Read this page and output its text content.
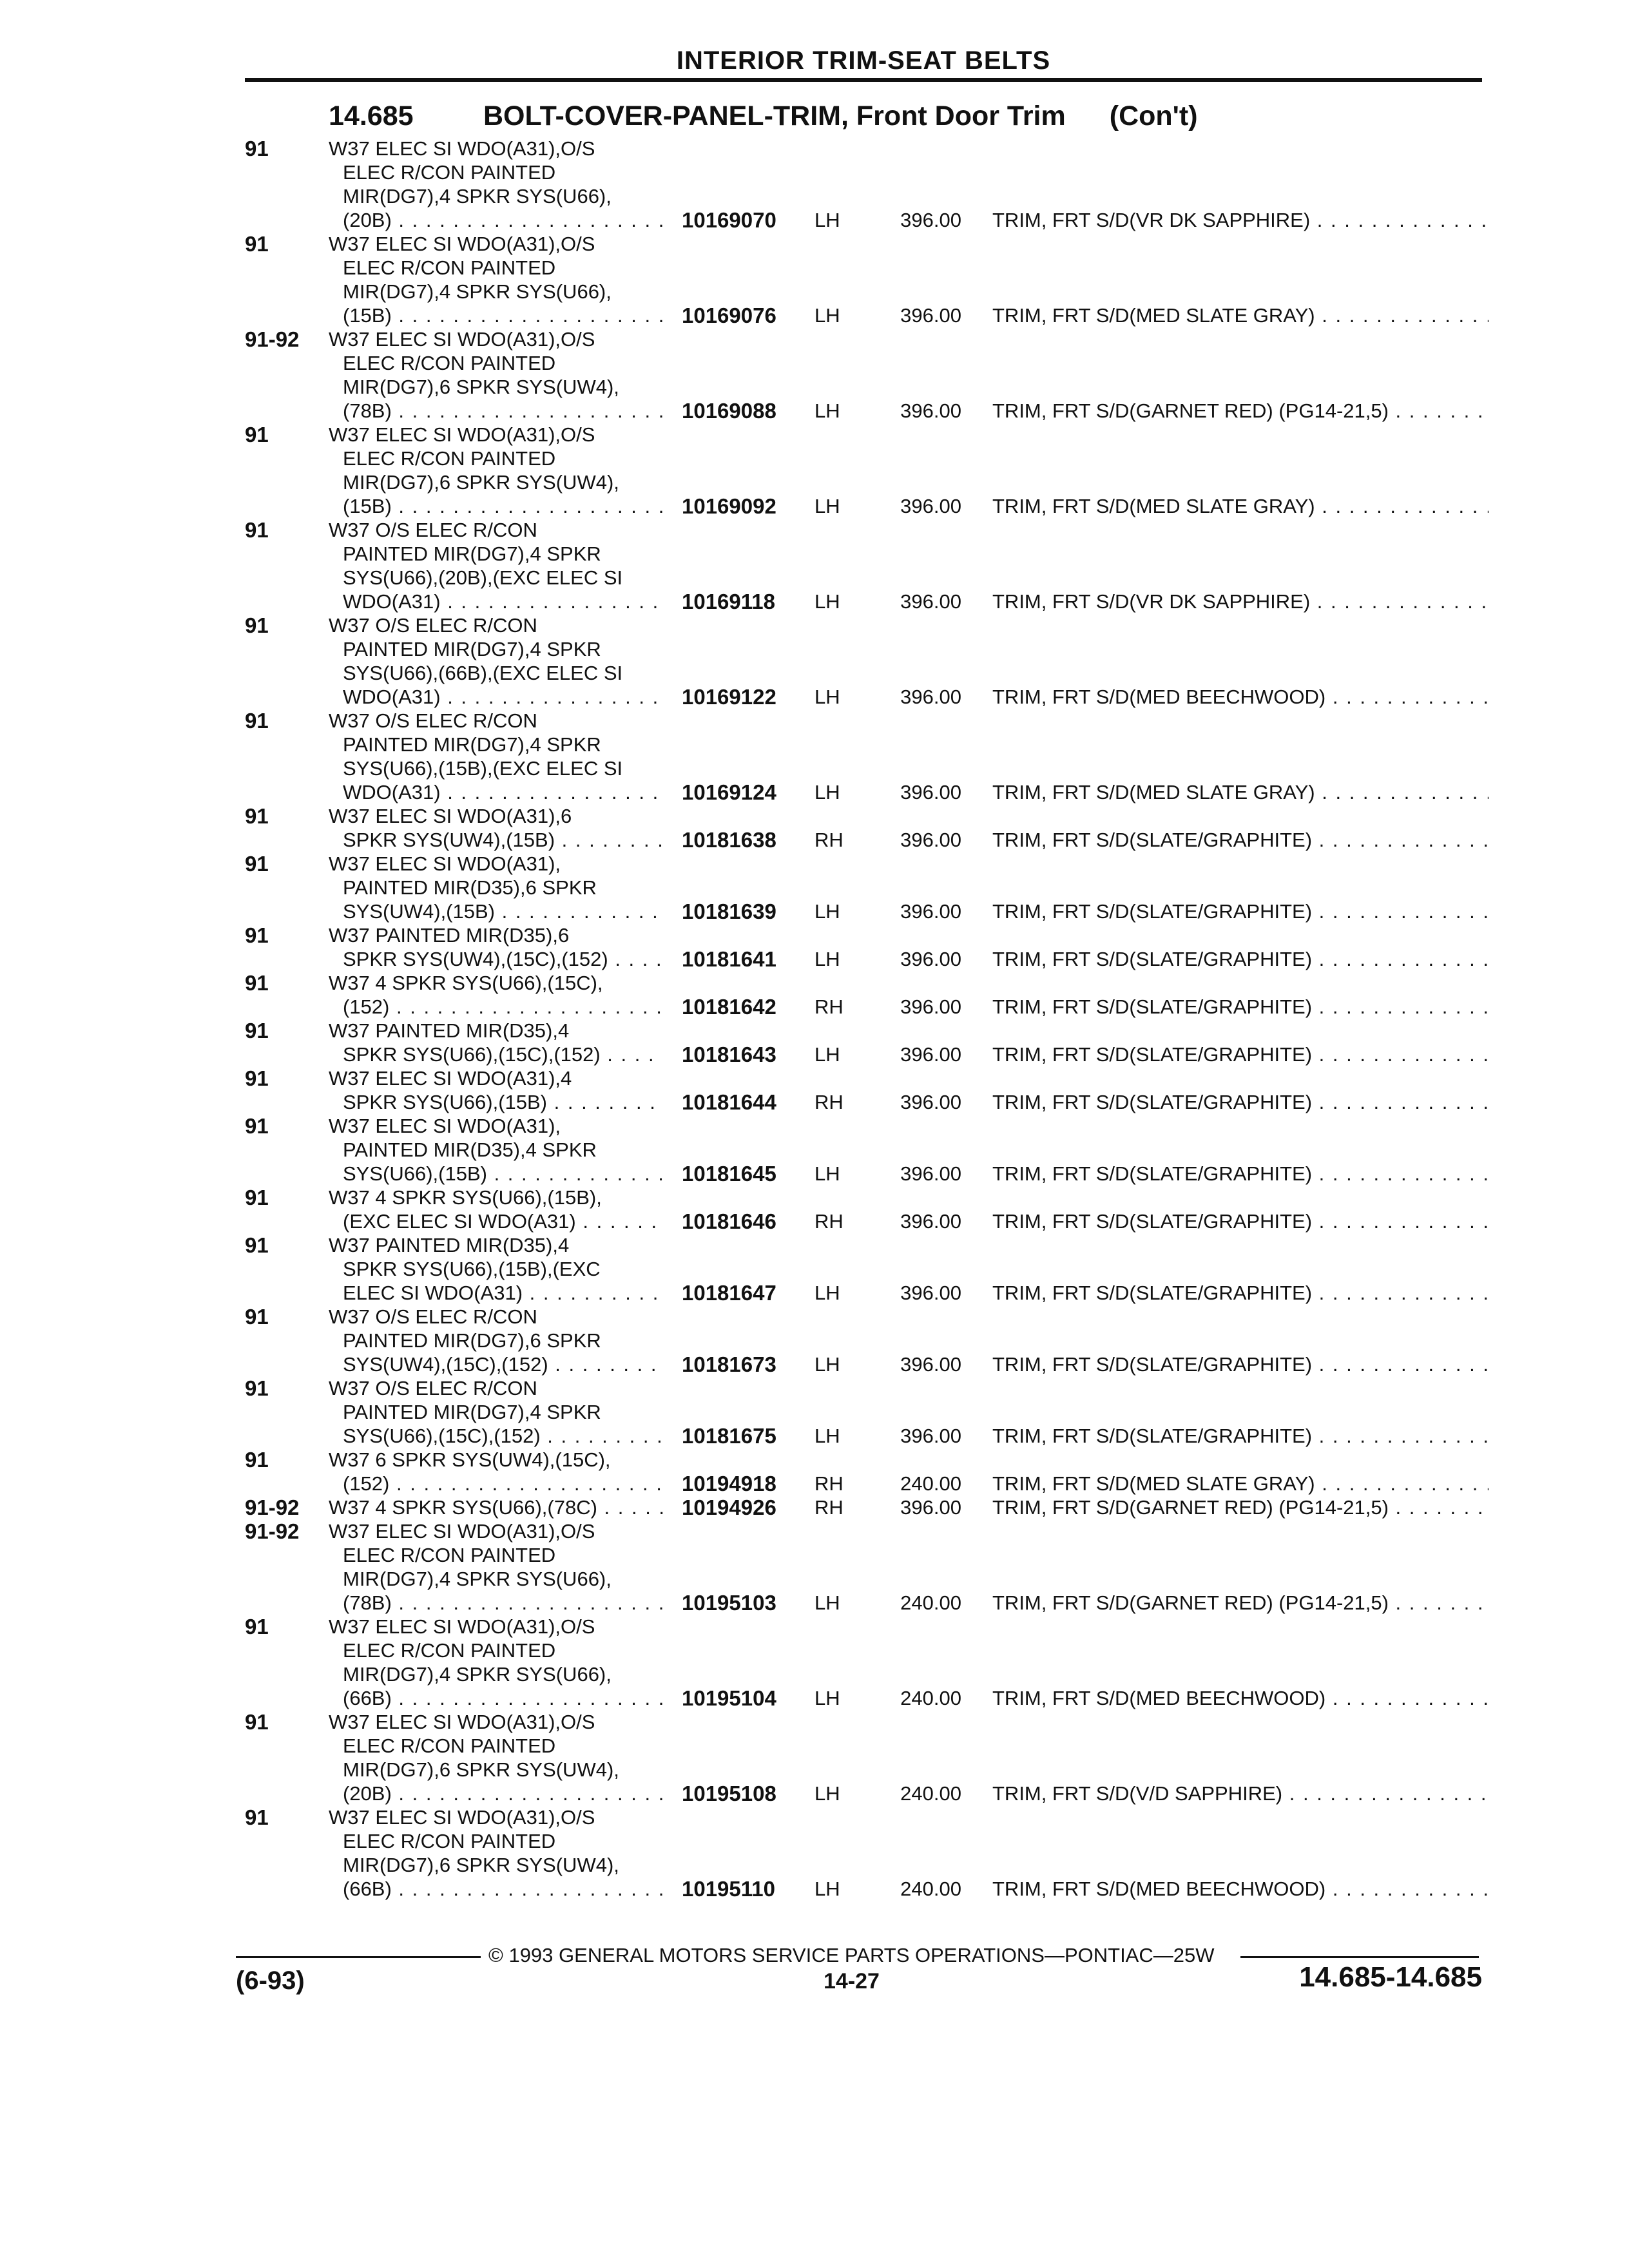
INTERIOR TRIM-SEAT BELTS
14.685	BOLT-COVER-PANEL-TRIM, Front Door Trim (Con't)
91	W37 ELEC SI WDO(A31),O/S
ELEC R/CON PAINTED
MIR(DG7),4 SPKR SYS(U66),
(20B) . . .	10169070	LH	396.00 TRIM, FRT S/D(VR DK SAPPHIRE) . . .
91	W37 ELEC SI WDO(A31),O/S
ELEC R/CON PAINTED
MIR(DG7),4 SPKR SYS(U66),
(15B) . . .	10169076	LH	396.00 TRIM, FRT S/D(MED SLATE GRAY) . . .
91-92 W37 ELEC SI WDO(A31),O/S
ELEC R/CON PAINTED
MIR(DG7),6 SPKR SYS(UW4),
(78B) . . .	10169088	LH	396.00 TRIM, FRT S/D(GARNET RED) (PG14-21,5) . . .
91	W37 ELEC SI WDO(A31),O/S
ELEC R/CON PAINTED
MIR(DG7),6 SPKR SYS(UW4),
(15B) . . .	10169092	LH	396.00 TRIM, FRT S/D(MED SLATE GRAY) . . .
91	W37 O/S ELEC R/CON
PAINTED MIR(DG7),4 SPKR
SYS(U66),(20B),(EXC ELEC SI
WDO(A31) . . .	10169118	LH	396.00 TRIM, FRT S/D(VR DK SAPPHIRE) . . .
91	W37 O/S ELEC R/CON
PAINTED MIR(DG7),4 SPKR
SYS(U66),(66B),(EXC ELEC SI
WDO(A31) . . .	10169122	LH	396.00 TRIM, FRT S/D(MED BEECHWOOD) . . .
91	W37 O/S ELEC R/CON
PAINTED MIR(DG7),4 SPKR
SYS(U66),(15B),(EXC ELEC SI
WDO(A31) . . .	10169124	LH	396.00 TRIM, FRT S/D(MED SLATE GRAY) . . .
91	W37 ELEC SI WDO(A31),6
SPKR SYS(UW4),(15B) . . .	10181638	RH	396.00 TRIM, FRT S/D(SLATE/GRAPHITE) . . .
91	W37 ELEC SI WDO(A31),
PAINTED MIR(D35),6 SPKR
SYS(UW4),(15B) . . .	10181639	LH	396.00 TRIM, FRT S/D(SLATE/GRAPHITE) . . .
91	W37 PAINTED MIR(D35),6
SPKR SYS(UW4),(15C),(152) . . .	10181641	LH	396.00 TRIM, FRT S/D(SLATE/GRAPHITE) . . .
91	W37 4 SPKR SYS(U66),(15C),
(152) . . .	10181642	RH	396.00 TRIM, FRT S/D(SLATE/GRAPHITE) . . .
91	W37 PAINTED MIR(D35),4
SPKR SYS(U66),(15C),(152) . . .	10181643	LH	396.00 TRIM, FRT S/D(SLATE/GRAPHITE) . . .
91	W37 ELEC SI WDO(A31),4
SPKR SYS(U66),(15B) . . .	10181644	RH	396.00 TRIM, FRT S/D(SLATE/GRAPHITE) . . .
91	W37 ELEC SI WDO(A31),
PAINTED MIR(D35),4 SPKR
SYS(U66),(15B) . . .	10181645	LH	396.00 TRIM, FRT S/D(SLATE/GRAPHITE) . . .
91	W37 4 SPKR SYS(U66),(15B),
(EXC ELEC SI WDO(A31) . . .	10181646	RH	396.00 TRIM, FRT S/D(SLATE/GRAPHITE) . . .
91	W37 PAINTED MIR(D35),4
SPKR SYS(U66),(15B),(EXC
ELEC SI WDO(A31) . . .	10181647	LH	396.00 TRIM, FRT S/D(SLATE/GRAPHITE) . . .
91	W37 O/S ELEC R/CON
PAINTED MIR(DG7),6 SPKR
SYS(UW4),(15C),(152) . . .	10181673	LH	396.00 TRIM, FRT S/D(SLATE/GRAPHITE) . . .
91	W37 O/S ELEC R/CON
PAINTED MIR(DG7),4 SPKR
SYS(U66),(15C),(152) . . .	10181675	LH	396.00 TRIM, FRT S/D(SLATE/GRAPHITE) . . .
91	W37 6 SPKR SYS(UW4),(15C),
(152) . . .	10194918	RH	240.00 TRIM, FRT S/D(MED SLATE GRAY) . . .
91-92 W37 4 SPKR SYS(U66),(78C) . . .	10194926	RH	396.00 TRIM, FRT S/D(GARNET RED) (PG14-21,5) . . .
91-92 W37 ELEC SI WDO(A31),O/S
ELEC R/CON PAINTED
MIR(DG7),4 SPKR SYS(U66),
(78B) . . .	10195103	LH	240.00 TRIM, FRT S/D(GARNET RED) (PG14-21,5) . . .
91	W37 ELEC SI WDO(A31),O/S
ELEC R/CON PAINTED
MIR(DG7),4 SPKR SYS(U66),
(66B) . . .	10195104	LH	240.00 TRIM, FRT S/D(MED BEECHWOOD) . . .
91	W37 ELEC SI WDO(A31),O/S
ELEC R/CON PAINTED
MIR(DG7),6 SPKR SYS(UW4),
(20B) . . .	10195108	LH	240.00 TRIM, FRT S/D(V/D SAPPHIRE) . . .
91	W37 ELEC SI WDO(A31),O/S
ELEC R/CON PAINTED
MIR(DG7),6 SPKR SYS(UW4),
(66B) . . .	10195110	LH	240.00 TRIM, FRT S/D(MED BEECHWOOD) . . .
© 1993 GENERAL MOTORS SERVICE PARTS OPERATIONS—PONTIAC—25W
(6-93)	14-27	14.685-14.685
